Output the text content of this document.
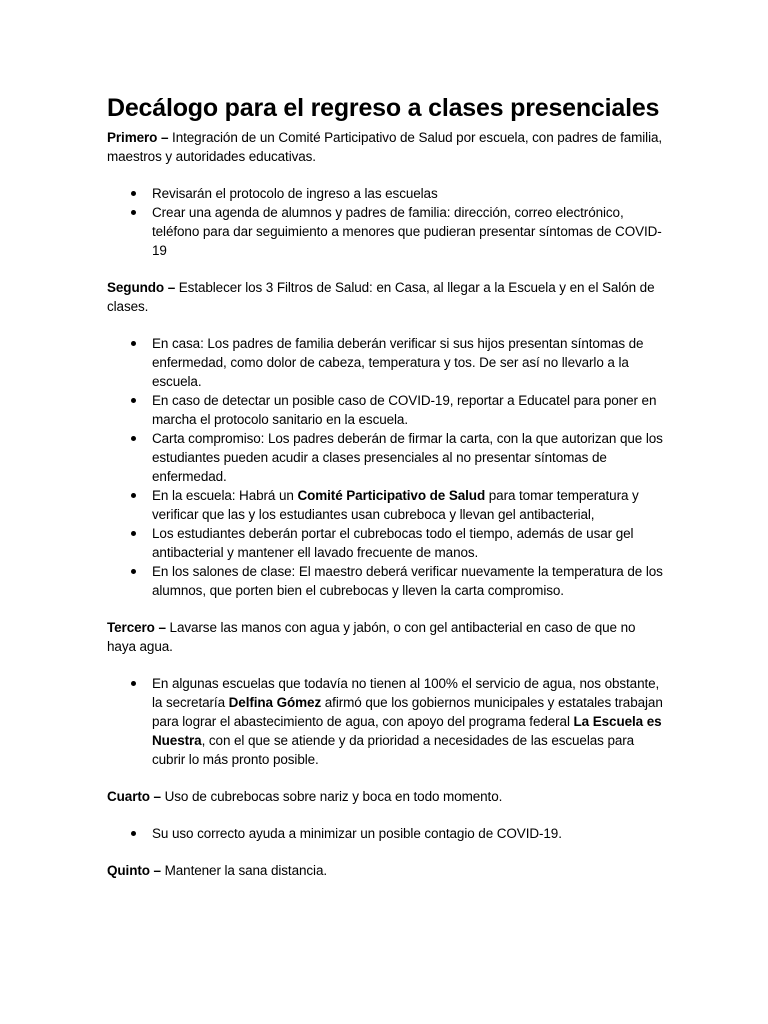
Decálogo para el regreso a clases presenciales

Primero – Integración de un Comité Participativo de Salud por escuela, con padres de familia, maestros y autoridades educativas.

Revisarán el protocolo de ingreso a las escuelas
Crear una agenda de alumnos y padres de familia: dirección, correo electrónico, teléfono para dar seguimiento a menores que pudieran presentar síntomas de COVID-19

Segundo – Establecer los 3 Filtros de Salud: en Casa, al llegar a la Escuela y en el Salón de clases.

En casa: Los padres de familia deberán verificar si sus hijos presentan síntomas de enfermedad, como dolor de cabeza, temperatura y tos. De ser así no llevarlo a la escuela.
En caso de detectar un posible caso de COVID-19, reportar a Educatel para poner en marcha el protocolo sanitario en la escuela.
Carta compromiso: Los padres deberán de firmar la carta, con la que autorizan que los estudiantes pueden acudir a clases presenciales al no presentar síntomas de enfermedad.
En la escuela: Habrá un Comité Participativo de Salud para tomar temperatura y verificar que las y los estudiantes usan cubreboca y llevan gel antibacterial,
Los estudiantes deberán portar el cubrebocas todo el tiempo, además de usar gel antibacterial y mantener ell lavado frecuente de manos.
En los salones de clase: El maestro deberá verificar nuevamente la temperatura de los alumnos, que porten bien el cubrebocas y lleven la carta compromiso.

Tercero – Lavarse las manos con agua y jabón, o con gel antibacterial en caso de que no haya agua.

En algunas escuelas que todavía no tienen al 100% el servicio de agua, nos obstante, la secretaría Delfina Gómez afirmó que los gobiernos municipales y estatales trabajan para lograr el abastecimiento de agua, con apoyo del programa federal La Escuela es Nuestra, con el que se atiende y da prioridad a necesidades de las escuelas para cubrir lo más pronto posible.

Cuarto – Uso de cubrebocas sobre nariz y boca en todo momento.

Su uso correcto ayuda a minimizar un posible contagio de COVID-19.

Quinto – Mantener la sana distancia.
